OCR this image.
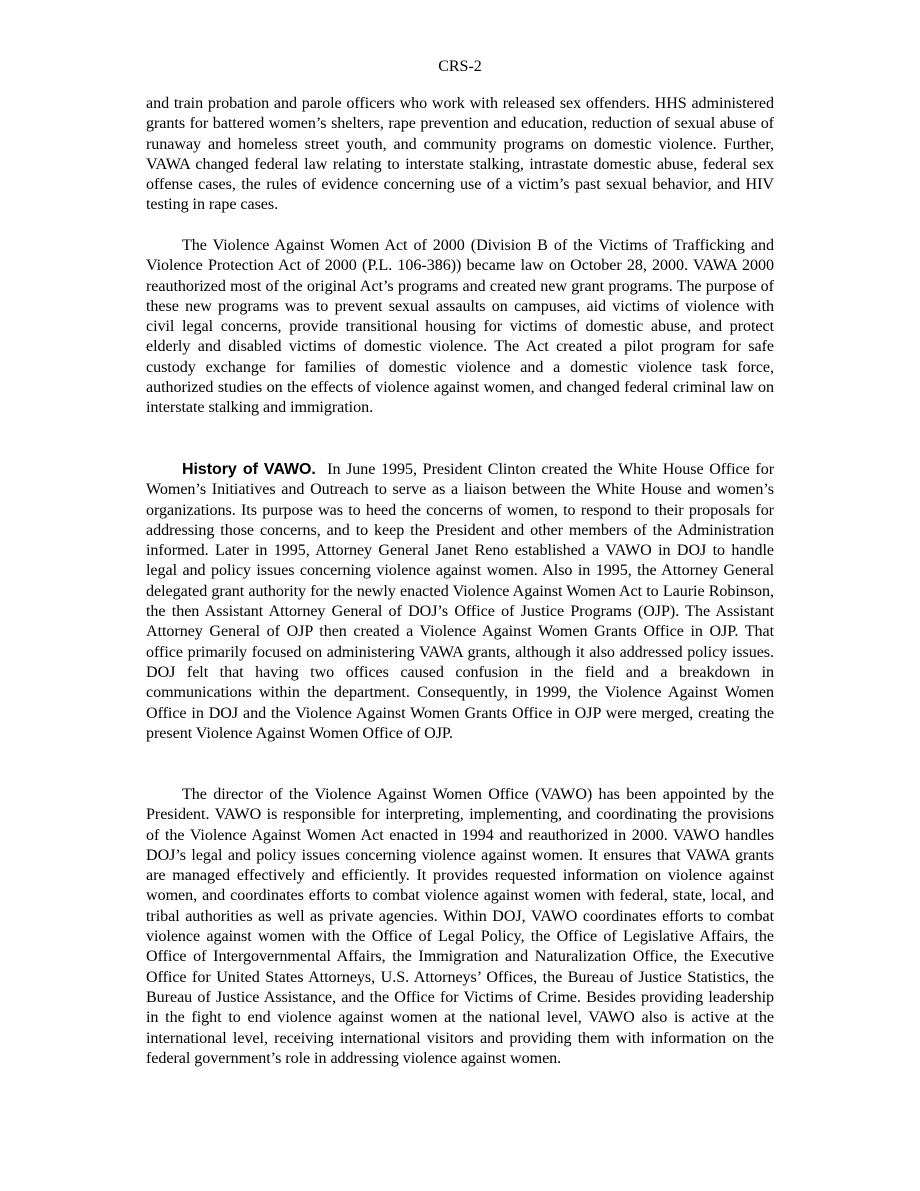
CRS-2

and train probation and parole officers who work with released sex offenders. HHS administered grants for battered women’s shelters, rape prevention and education, reduction of sexual abuse of runaway and homeless street youth, and community programs on domestic violence. Further, VAWA changed federal law relating to interstate stalking, intrastate domestic abuse, federal sex offense cases, the rules of evidence concerning use of a victim’s past sexual behavior, and HIV testing in rape cases.

The Violence Against Women Act of 2000 (Division B of the Victims of Trafficking and Violence Protection Act of 2000 (P.L. 106-386)) became law on October 28, 2000. VAWA 2000 reauthorized most of the original Act’s programs and created new grant programs. The purpose of these new programs was to prevent sexual assaults on campuses, aid victims of violence with civil legal concerns, provide transitional housing for victims of domestic abuse, and protect elderly and disabled victims of domestic violence. The Act created a pilot program for safe custody exchange for families of domestic violence and a domestic violence task force, authorized studies on the effects of violence against women, and changed federal criminal law on interstate stalking and immigration.

History of VAWO. In June 1995, President Clinton created the White House Office for Women’s Initiatives and Outreach to serve as a liaison between the White House and women’s organizations. Its purpose was to heed the concerns of women, to respond to their proposals for addressing those concerns, and to keep the President and other members of the Administration informed. Later in 1995, Attorney General Janet Reno established a VAWO in DOJ to handle legal and policy issues concerning violence against women. Also in 1995, the Attorney General delegated grant authority for the newly enacted Violence Against Women Act to Laurie Robinson, the then Assistant Attorney General of DOJ’s Office of Justice Programs (OJP). The Assistant Attorney General of OJP then created a Violence Against Women Grants Office in OJP. That office primarily focused on administering VAWA grants, although it also addressed policy issues. DOJ felt that having two offices caused confusion in the field and a breakdown in communications within the department. Consequently, in 1999, the Violence Against Women Office in DOJ and the Violence Against Women Grants Office in OJP were merged, creating the present Violence Against Women Office of OJP.

The director of the Violence Against Women Office (VAWO) has been appointed by the President. VAWO is responsible for interpreting, implementing, and coordinating the provisions of the Violence Against Women Act enacted in 1994 and reauthorized in 2000. VAWO handles DOJ’s legal and policy issues concerning violence against women. It ensures that VAWA grants are managed effectively and efficiently. It provides requested information on violence against women, and coordinates efforts to combat violence against women with federal, state, local, and tribal authorities as well as private agencies. Within DOJ, VAWO coordinates efforts to combat violence against women with the Office of Legal Policy, the Office of Legislative Affairs, the Office of Intergovernmental Affairs, the Immigration and Naturalization Office, the Executive Office for United States Attorneys, U.S. Attorneys’ Offices, the Bureau of Justice Statistics, the Bureau of Justice Assistance, and the Office for Victims of Crime. Besides providing leadership in the fight to end violence against women at the national level, VAWO also is active at the international level, receiving international visitors and providing them with information on the federal government’s role in addressing violence against women.
